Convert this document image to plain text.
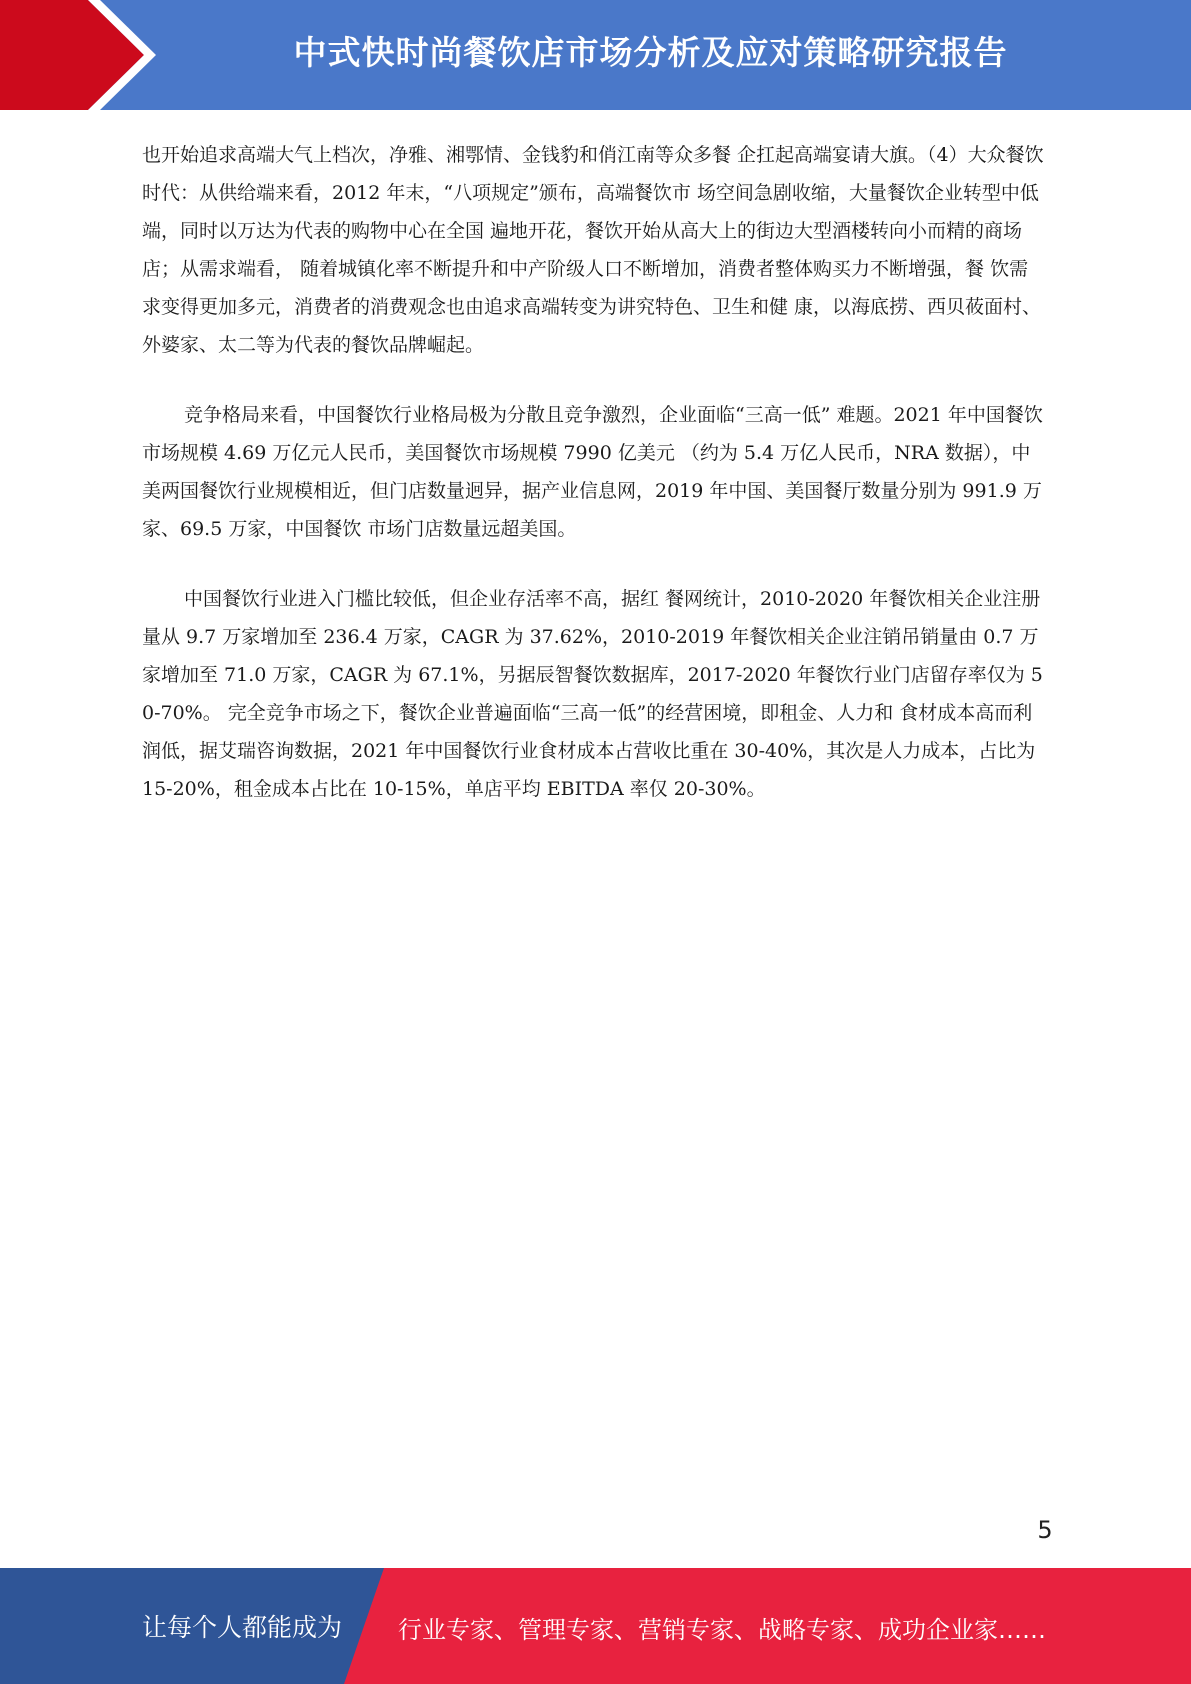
中式快时尚餐饮店市场分析及应对策略研究报告

也开始追求高端大气上档次，净雅、湘鄂情、金钱豹和俏江南等众多餐 企扛起高端宴请大旗。（4）大众餐饮时代：从供给端来看，2012 年末，“八项规定”颁布，高端餐饮市 场空间急剧收缩，大量餐饮企业转型中低端，同时以万达为代表的购物中心在全国 遍地开花，餐饮开始从高大上的街边大型酒楼转向小而精的商场店；从需求端看， 随着城镇化率不断提升和中产阶级人口不断增加，消费者整体购买力不断增强，餐 饮需求变得更加多元，消费者的消费观念也由追求高端转变为讲究特色、卫生和健 康，以海底捞、西贝莜面村、外婆家、太二等为代表的餐饮品牌崛起。

竞争格局来看，中国餐饮行业格局极为分散且竞争激烈，企业面临“三高一低” 难题。2021 年中国餐饮市场规模 4.69 万亿元人民币，美国餐饮市场规模 7990 亿美元 （约为 5.4 万亿人民币，NRA 数据），中美两国餐饮行业规模相近，但门店数量迥异，据产业信息网，2019 年中国、美国餐厅数量分别为 991.9 万家、69.5 万家，中国餐饮 市场门店数量远超美国。

中国餐饮行业进入门槛比较低，但企业存活率不高，据红 餐网统计，2010-2020 年餐饮相关企业注册量从 9.7 万家增加至 236.4 万家，CAGR 为 37.62%，2010-2019 年餐饮相关企业注销吊销量由 0.7 万家增加至 71.0 万家，CAGR 为 67.1%，另据辰智餐饮数据库，2017-2020 年餐饮行业门店留存率仅为 50-70%。 完全竞争市场之下，餐饮企业普遍面临“三高一低”的经营困境，即租金、人力和 食材成本高而利润低，据艾瑞咨询数据，2021 年中国餐饮行业食材成本占营收比重在 30-40%，其次是人力成本，占比为 15-20%，租金成本占比在 10-15%，单店平均 EBITDA 率仅 20-30%。

5
让每个人都能成为 行业专家、管理专家、营销专家、战略专家、成功企业家……
